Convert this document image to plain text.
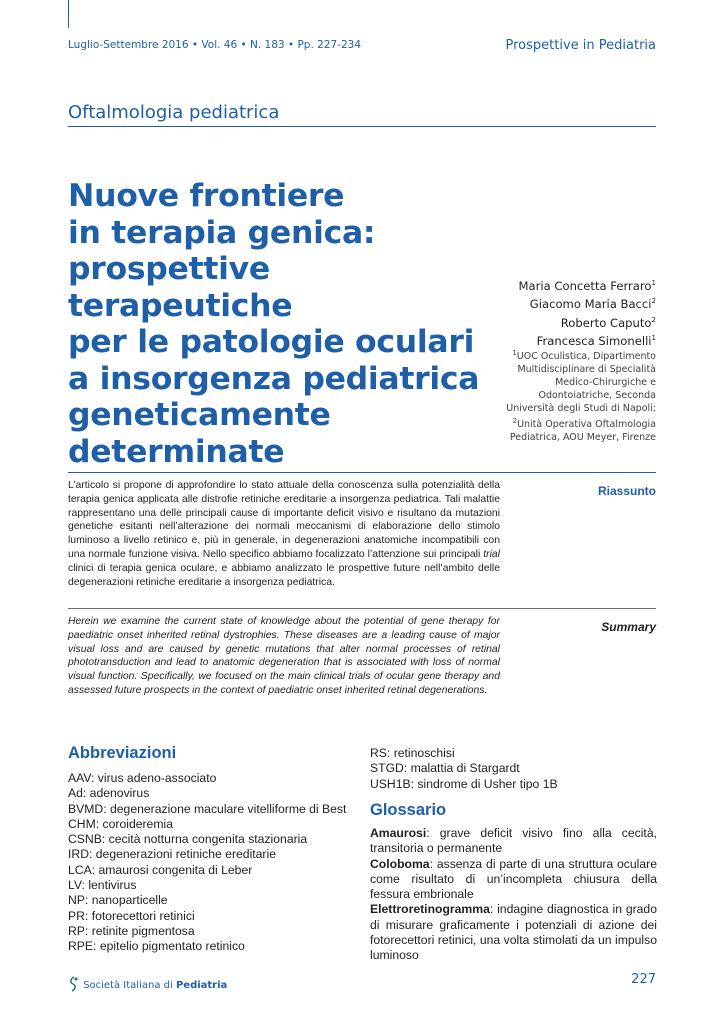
Luglio-Settembre 2016 • Vol. 46 • N. 183 • Pp. 227-234	Prospettive in Pediatria
Oftalmologia pediatrica
Nuove frontiere
in terapia genica:
prospettive terapeutiche
per le patologie oculari
a insorgenza pediatrica
geneticamente
determinate
Maria Concetta Ferraro$^1$
Giacomo Maria Bacci$^2$
Roberto Caputo$^2$
Francesca Simonelli$^1$
$^1$UOC Oculistica, Dipartimento
Multidisciplinare di Specialità
Medico-Chirurgiche e
Odontoiatriche, Seconda
Università degli Studi di Napoli;
$^2$Unità Operativa Oftalmologia
Pediatrica, AOU Meyer, Firenze
L’articolo si propone di approfondire lo stato attuale della conoscenza sulla potenzialità della terapia genica applicata alle distrofie retiniche ereditarie a insorgenza pediatrica. Tali malattie rappresentano una delle principali cause di importante deficit visivo e risultano da mutazioni genetiche esitanti nell’alterazione dei normali meccanismi di elaborazione dello stimolo luminoso a livello retinico e, più in generale, in degenerazioni anatomiche incompatibili con una normale funzione visiva. Nello specifico abbiamo focalizzato l’attenzione sui principali trial clinici di terapia genica oculare, e abbiamo analizzato le prospettive future nell’ambito delle degenerazioni retiniche ereditarie a insorgenza pediatrica.
Riassunto
Herein we examine the current state of knowledge about the potential of gene therapy for paediatric onset inherited retinal dystrophies. These diseases are a leading cause of major visual loss and are caused by genetic mutations that alter normal processes of retinal phototransduction and lead to anatomic degeneration that is associated with loss of normal visual function. Specifically, we focused on the main clinical trials of ocular gene therapy and assessed future prospects in the context of paediatric onset inherited retinal degenerations.
Summary
Abbreviazioni
AAV: virus adeno-associato
Ad: adenovirus
BVMD: degenerazione maculare vitelliforme di Best
CHM: coroideremia
CSNB: cecità notturna congenita stazionaria
IRD: degenerazioni retiniche ereditarie
LCA: amaurosi congenita di Leber
LV: lentivirus
NP: nanoparticelle
PR: fotorecettori retinici
RP: retinite pigmentosa
RPE: epitelio pigmentato retinico
RS: retinoschisi
STGD: malattia di Stargardt
USH1B: sindrome di Usher tipo 1B
Glossario

Amaurosi: grave deficit visivo fino alla cecità, transitoria o permanente

Coloboma: assenza di parte di una struttura oculare come risultato di un’incompleta chiusura della fessura embrionale

Elettroretinogramma: indagine diagnostica in grado di misurare graficamente i potenziali di azione dei fotorecettori retinici, una volta stimolati da un impulso luminoso

Società Italiana di Pediatria	227
